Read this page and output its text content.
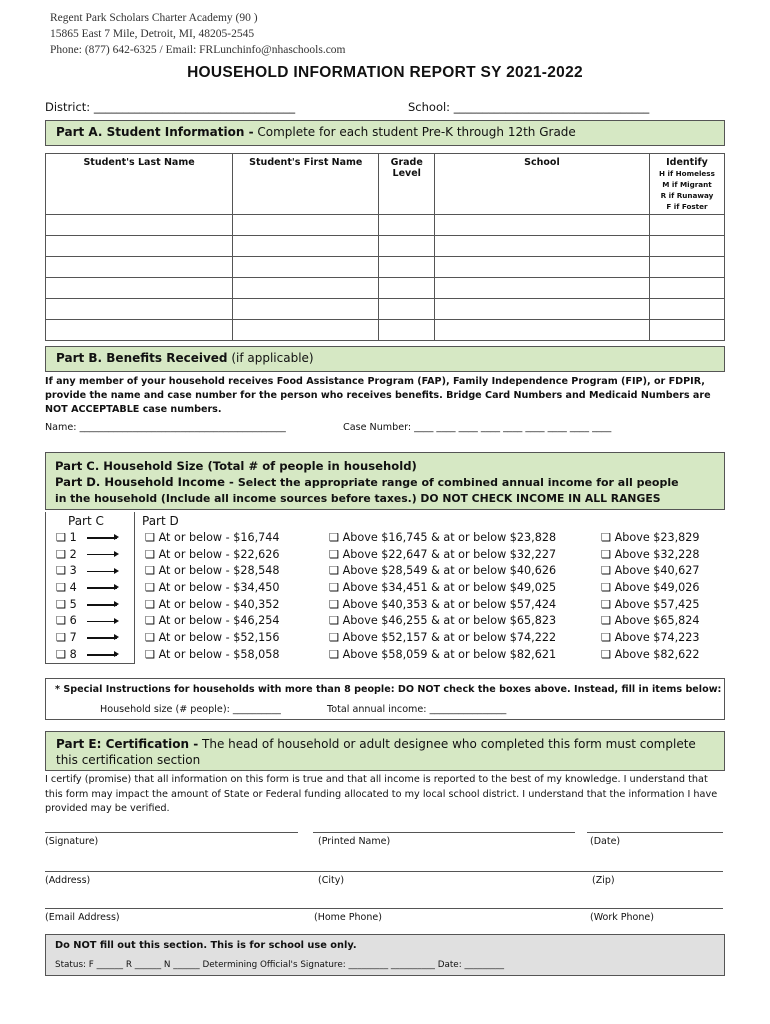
Regent Park Scholars Charter Academy (90 )
15865 East 7 Mile, Detroit, MI, 48205-2545
Phone: (877) 642-6325 / Email: FRLunchinfo@nhaschools.com
HOUSEHOLD INFORMATION REPORT SY 2021-2022
District: ___________________________________	School: __________________________________
Part A. Student Information - Complete for each student Pre-K through 12th Grade
Student's Last Name	Student's First Name	Grade Level	School	Identify
H if Homeless
M if Migrant
R if Runaway
F if Foster

Part B. Benefits Received (if applicable)
If any member of your household receives Food Assistance Program (FAP), Family Independence Program (FIP), or FDPIR, provide the name and case number for the person who receives benefits. Bridge Card Numbers and Medicaid Numbers are NOT ACCEPTABLE case numbers.
Name: ___________________________________________	Case Number: ____ ____ ____ ____ ____ ____ ____ ____ ____
Part C. Household Size (Total # of people in household)
Part D. Household Income - Select the appropriate range of combined annual income for all people
in the household (Include all income sources before taxes.) DO NOT CHECK INCOME IN ALL RANGES
Part C	Part D
❑ 1	❑ At or below - $16,744	❑ Above $16,745 & at or below $23,828	❑ Above $23,829
❑ 2	❑ At or below - $22,626	❑ Above $22,647 & at or below $32,227	❑ Above $32,228
❑ 3	❑ At or below - $28,548	❑ Above $28,549 & at or below $40,626	❑ Above $40,627
❑ 4	❑ At or below - $34,450	❑ Above $34,451 & at or below $49,025	❑ Above $49,026
❑ 5	❑ At or below - $40,352	❑ Above $40,353 & at or below $57,424	❑ Above $57,425
❑ 6	❑ At or below - $46,254	❑ Above $46,255 & at or below $65,823	❑ Above $65,824
❑ 7	❑ At or below - $52,156	❑ Above $52,157 & at or below $74,222	❑ Above $74,223
❑ 8	❑ At or below - $58,058	❑ Above $58,059 & at or below $82,621	❑ Above $82,622
* Special Instructions for households with more than 8 people: DO NOT check the boxes above. Instead, fill in items below:
Household size (# people): __________	Total annual income: ________________
Part E: Certification - The head of household or adult designee who completed this form must complete this certification section
I certify (promise) that all information on this form is true and that all income is reported to the best of my knowledge. I understand that this form may impact the amount of State or Federal funding allocated to my local school district. I understand that the information I have provided may be verified.
(Signature)	(Printed Name)	(Date)
(Address)	(City)	(Zip)
(Email Address)	(Home Phone)	(Work Phone)
Do NOT fill out this section. This is for school use only.
Status: F ______ R ______ N ______ Determining Official's Signature: _________ __________ Date: _________
